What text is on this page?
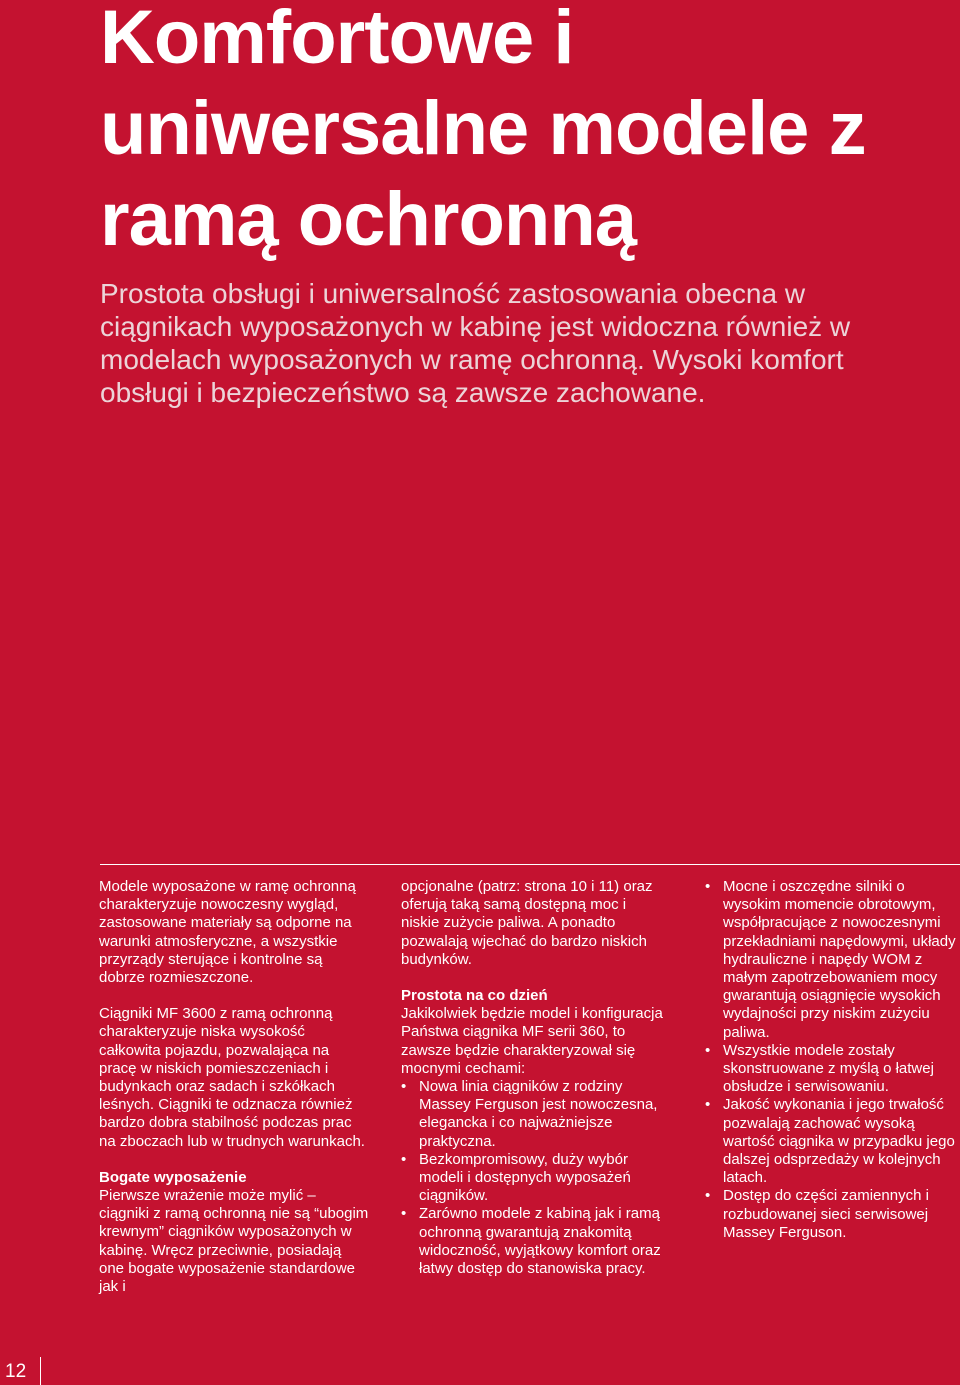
Komfortowe i
uniwersalne modele z
ramą ochronną

Prostota obsługi i uniwersalność zastosowania obecna w ciągnikach wyposażonych w kabinę jest widoczna również w modelach wyposażonych w ramę ochronną. Wysoki komfort obsługi i bezpieczeństwo są zawsze zachowane.

Modele wyposażone w ramę ochronną charakteryzuje nowoczesny wygląd, zastosowane materiały są odporne na warunki atmosferyczne, a wszystkie przyrządy sterujące i kontrolne są dobrze rozmieszczone.

Ciągniki MF 3600 z ramą ochronną charakteryzuje niska wysokość całkowita pojazdu, pozwalająca na pracę w niskich pomieszczeniach i budynkach oraz sadach i szkółkach leśnych. Ciągniki te odznacza również bardzo dobra stabilność podczas prac na zboczach lub w trudnych warunkach.

Bogate wyposażenie

Pierwsze wrażenie może mylić – ciągniki z ramą ochronną nie są “ubogim krewnym” ciągników wyposażonych w kabinę. Wręcz przeciwnie, posiadają one bogate wyposażenie standardowe jak i

opcjonalne (patrz: strona 10 i 11) oraz oferują taką samą dostępną moc i niskie zużycie paliwa. A ponadto pozwalają wjechać do bardzo niskich budynków.

Prostota na co dzień

Jakikolwiek będzie model i konfiguracja Państwa ciągnika MF serii 360, to zawsze będzie charakteryzował się mocnymi cechami:

• Nowa linia ciągników z rodziny Massey Ferguson jest nowoczesna, elegancka i co najważniejsze praktyczna.
• Bezkompromisowy, duży wybór modeli i dostępnych wyposażeń ciągników.
• Zarówno modele z kabiną jak i ramą ochronną gwarantują znakomitą widoczność, wyjątkowy komfort oraz łatwy dostęp do stanowiska pracy.
• Mocne i oszczędne silniki o wysokim momencie obrotowym, współpracujące z nowoczesnymi przekładniami napędowymi, układy hydrauliczne i napędy WOM z małym zapotrzebowaniem mocy gwarantują osiągnięcie wysokich wydajności przy niskim zużyciu paliwa.
• Wszystkie modele zostały skonstruowane z myślą o łatwej obsłudze i serwisowaniu.
• Jakość wykonania i jego trwałość pozwalają zachować wysoką wartość ciągnika w przypadku jego dalszej odsprzedaży w kolejnych latach.
• Dostęp do części zamiennych i rozbudowanej sieci serwisowej Massey Ferguson.
12
